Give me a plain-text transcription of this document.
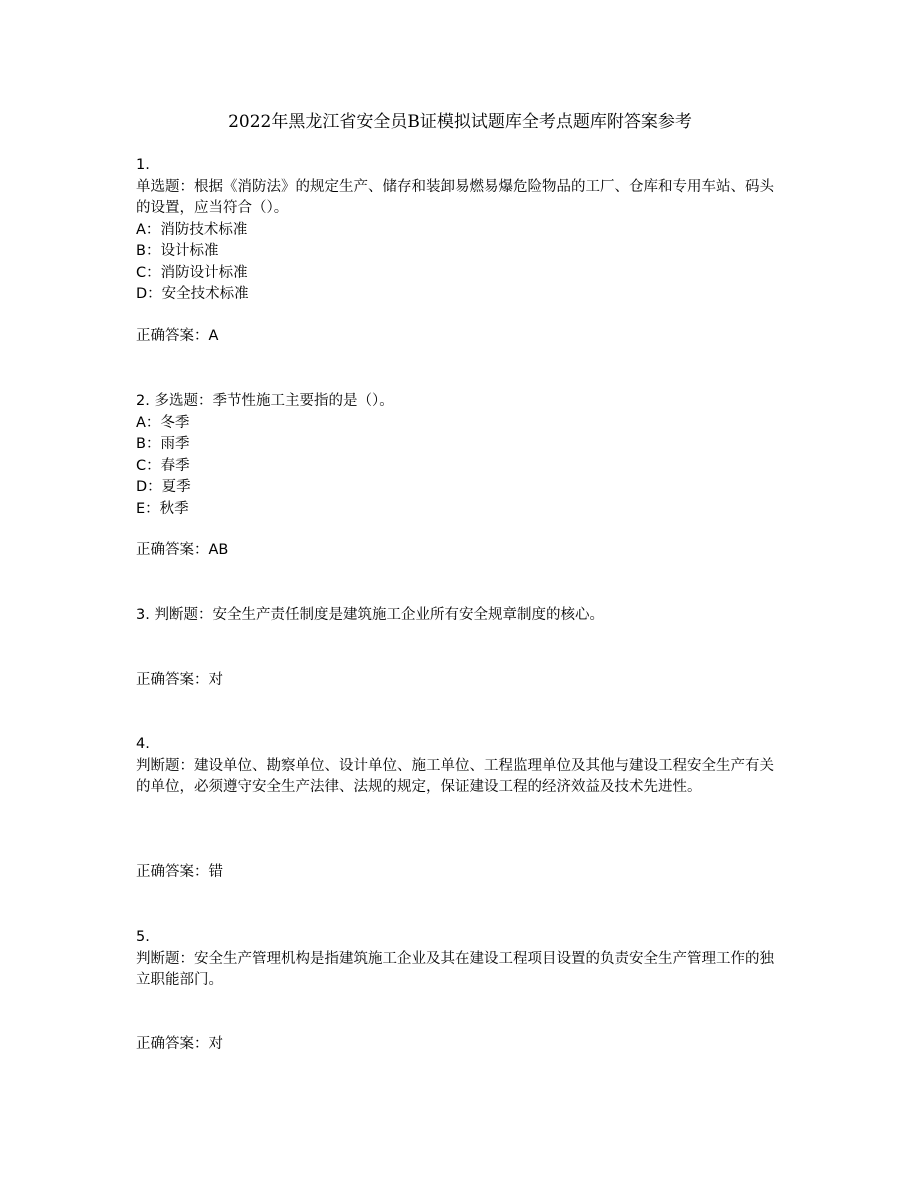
2022年黑龙江省安全员B证模拟试题库全考点题库附答案参考
1.
单选题：根据《消防法》的规定生产、储存和装卸易燃易爆危险物品的工厂、仓库和专用车站、码头的设置，应当符合（）。
A：消防技术标准
B：设计标准
C：消防设计标准
D：安全技术标准
正确答案：A
2. 多选题：季节性施工主要指的是（）。
A：冬季
B：雨季
C：春季
D：夏季
E：秋季
正确答案：AB
3. 判断题：安全生产责任制度是建筑施工企业所有安全规章制度的核心。
正确答案：对
4.
判断题：建设单位、勘察单位、设计单位、施工单位、工程监理单位及其他与建设工程安全生产有关的单位，必须遵守安全生产法律、法规的规定，保证建设工程的经济效益及技术先进性。
正确答案：错
5.
判断题：安全生产管理机构是指建筑施工企业及其在建设工程项目设置的负责安全生产管理工作的独立职能部门。
正确答案：对
